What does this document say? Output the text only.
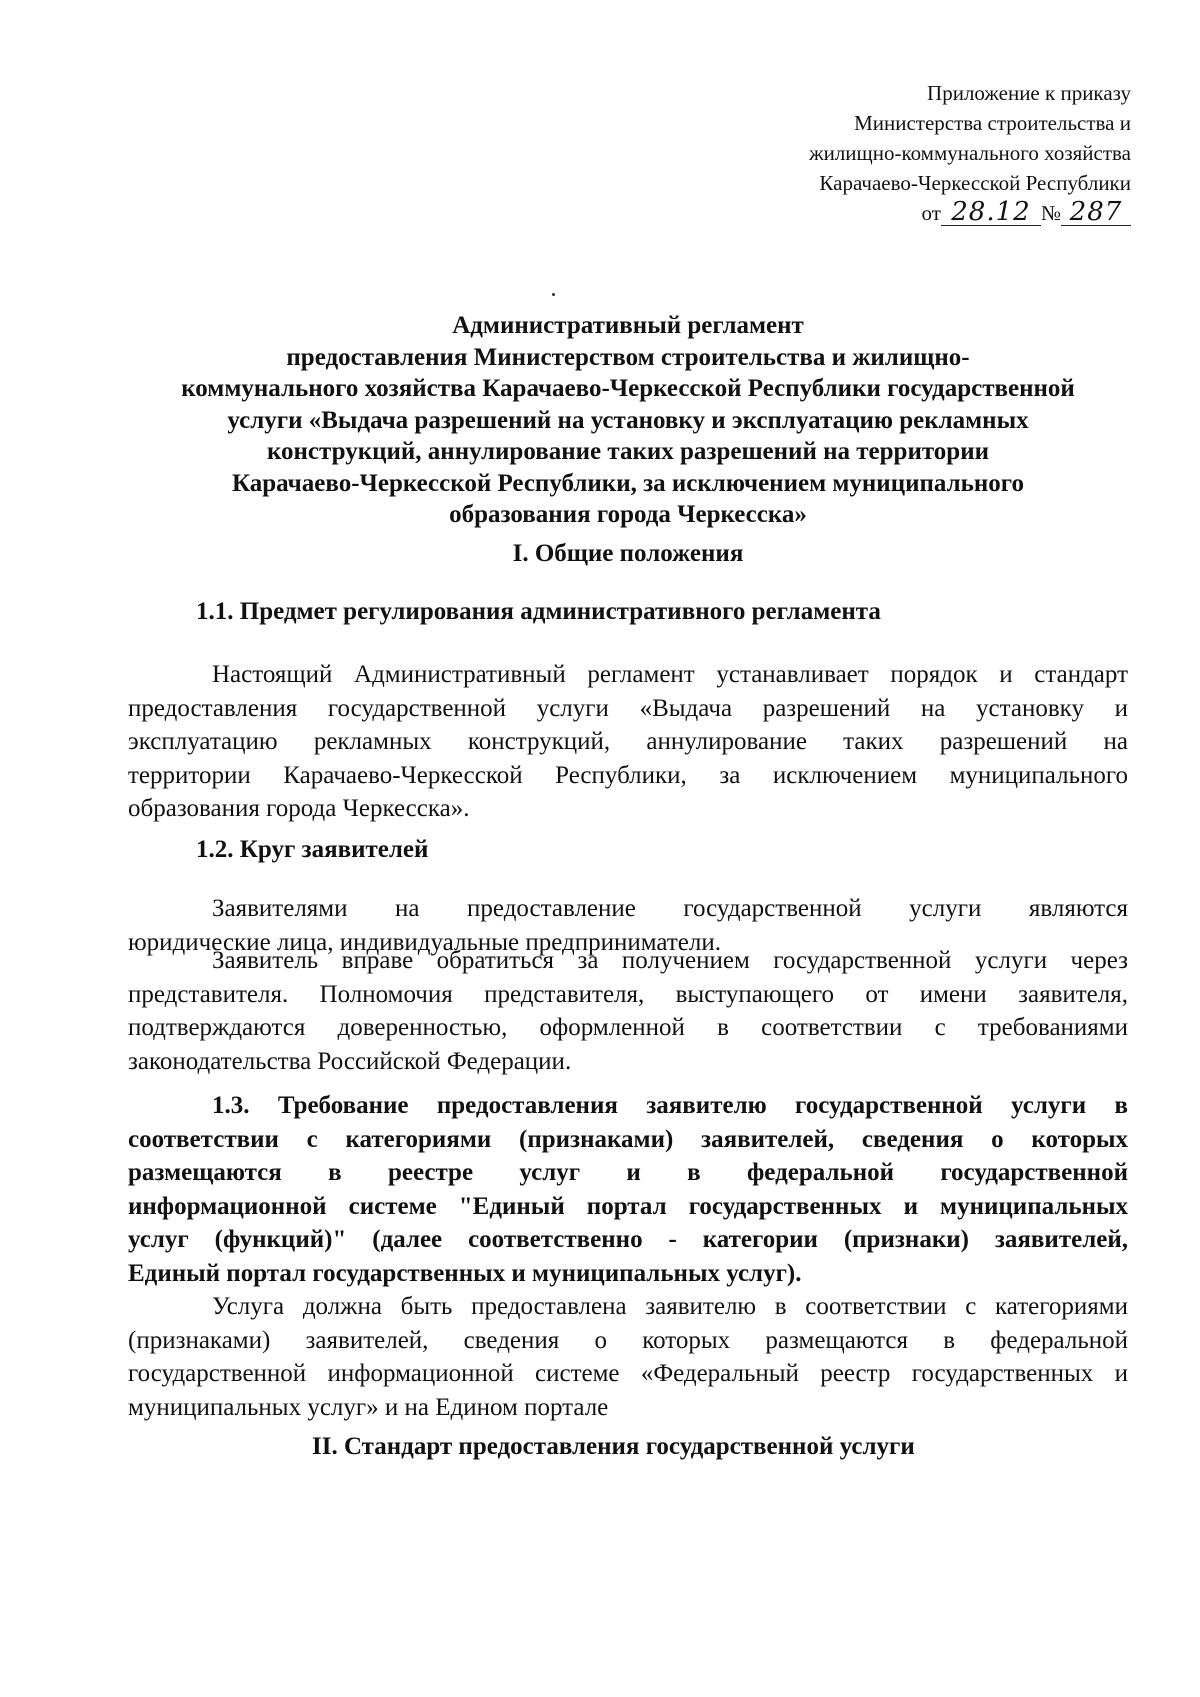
Приложение к приказу
Министерства строительства и
жилищно-коммунального хозяйства
Карачаево-Черкесской Республики
от 28.12 № 287
Административный регламент
предоставления Министерством строительства и жилищно-
коммунального хозяйства Карачаево-Черкесской Республики государственной
услуги «Выдача разрешений на установку и эксплуатацию рекламных
конструкций, аннулирование таких разрешений на территории
Карачаево-Черкесской Республики, за исключением муниципального
образования города Черкесска»
I. Общие положения
1.1. Предмет регулирования административного регламента
Настоящий Административный регламент устанавливает порядок и стандарт
предоставления государственной услуги «Выдача разрешений на установку и
эксплуатацию рекламных конструкций, аннулирование таких разрешений на
территории Карачаево-Черкесской Республики, за исключением муниципального
образования города Черкесска».
1.2. Круг заявителей
Заявителями на предоставление государственной услуги являются
юридические лица, индивидуальные предприниматели.
Заявитель вправе обратиться за получением государственной услуги через
представителя. Полномочия представителя, выступающего от имени заявителя,
подтверждаются доверенностью, оформленной в соответствии с требованиями
законодательства Российской Федерации.
1.3. Требование предоставления заявителю государственной услуги в
соответствии с категориями (признаками) заявителей, сведения о которых
размещаются в реестре услуг и в федеральной государственной
информационной системе "Единый портал государственных и муниципальных
услуг (функций)" (далее соответственно - категории (признаки) заявителей,
Единый портал государственных и муниципальных услуг).
Услуга должна быть предоставлена заявителю в соответствии с категориями
(признаками) заявителей, сведения о которых размещаются в федеральной
государственной информационной системе «Федеральный реестр государственных и
муниципальных услуг» и на Едином портале
II. Стандарт предоставления государственной услуги
